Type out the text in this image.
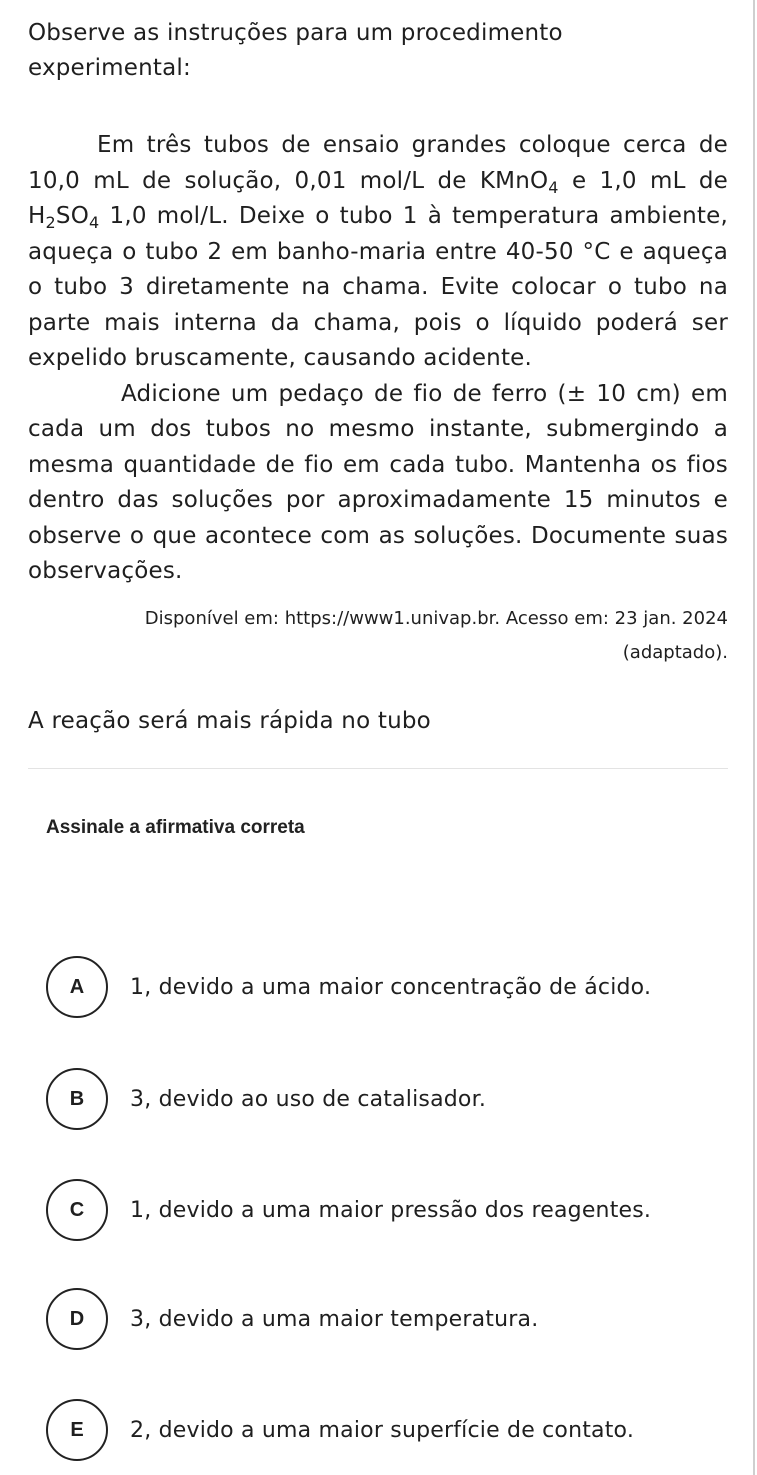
Observe as instruções para um procedimento experimental:

Em três tubos de ensaio grandes coloque cerca de 10,0 mL de solução, 0,01 mol/L de KMnO$_4$ e 1,0 mL de $H_2SO_4$ 1,0 mol/L. Deixe o tubo 1 à temperatura ambiente, aqueça o tubo 2 em banho-maria entre 40-50 °C e aqueça o tubo 3 diretamente na chama. Evite colocar o tubo na parte mais interna da chama, pois o líquido poderá ser expelido bruscamente, causando acidente.

Adicione um pedaço de fio de ferro (± 10 cm) em cada um dos tubos no mesmo instante, submergindo a mesma quantidade de fio em cada tubo. Mantenha os fios dentro das soluções por aproximadamente 15 minutos e observe o que acontece com as soluções. Documente suas observações.

Disponível em: https://www1.univap.br. Acesso em: 23 jan. 2024
(adaptado).
A reação será mais rápida no tubo
Assinale a afirmativa correta
A	1, devido a uma maior concentração de ácido.
B	3, devido ao uso de catalisador.
C	1, devido a uma maior pressão dos reagentes.
D	3, devido a uma maior temperatura.
E	2, devido a uma maior superfície de contato.
